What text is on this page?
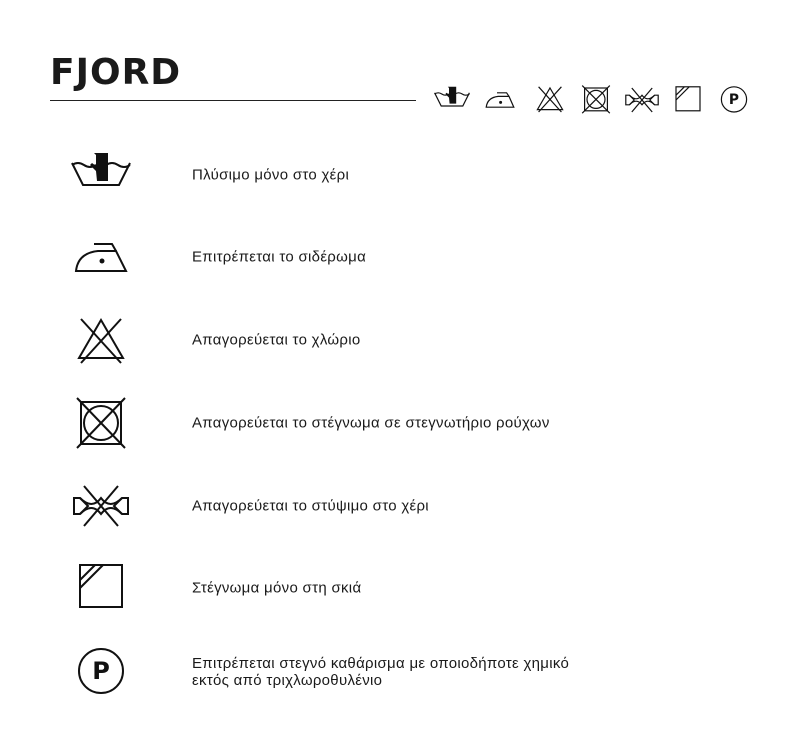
FJORD
P
Πλύσιμο μόνο στο χέρι
Επιτρέπεται το σιδέρωμα
Απαγορεύεται το χλώριο
Απαγορεύεται το στέγνωμα σε στεγνωτήριο ρούχων
Απαγορεύεται το στύψιμο στο χέρι
Στέγνωμα μόνο στη σκιά
P	Επιτρέπεται στεγνό καθάρισμα με οποιοδήποτε χημικό
εκτός από τριχλωροθυλένιο
